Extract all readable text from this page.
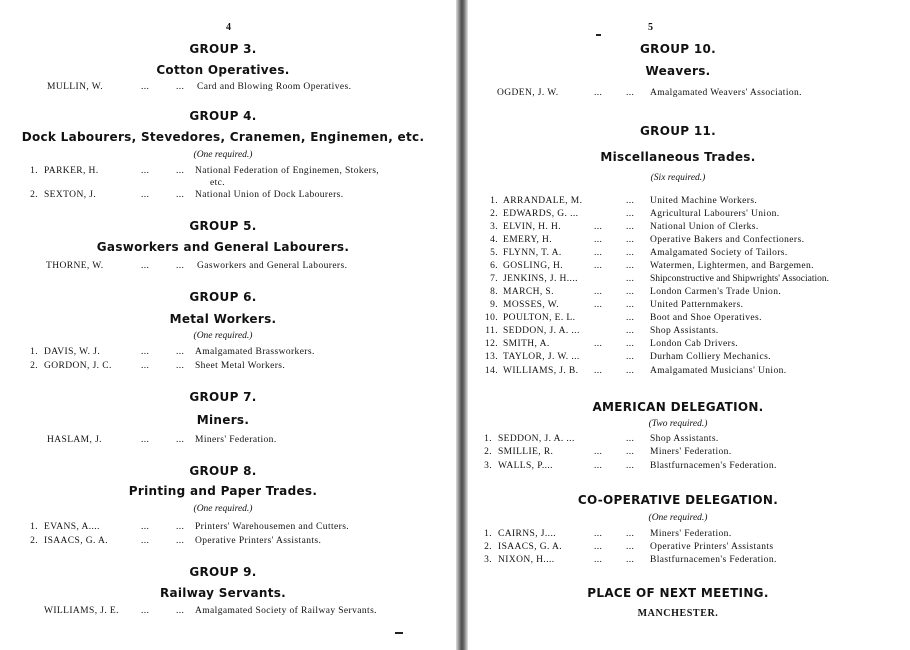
4
GROUP 3.
Cotton Operatives.
MULLIN, W.	...	... Card and Blowing Room Operatives.
GROUP 4.
Dock Labourers, Stevedores, Cranemen, Enginemen, etc.
(One required.)
1. PARKER, H.	...	... National Federation of Enginemen, Stokers,
etc.
2. SEXTON, J.	...	... National Union of Dock Labourers.
GROUP 5.
Gasworkers and General Labourers.
THORNE, W.	...	... Gasworkers and General Labourers.
GROUP 6.
Metal Workers.
(One required.)
1. DAVIS, W. J.	...	... Amalgamated Brassworkers.
2. GORDON, J. C.	...	... Sheet Metal Workers.
GROUP 7.
Miners.
HASLAM, J.	...	... Miners' Federation.
GROUP 8.
Printing and Paper Trades.
(One required.)
1. EVANS, A....	...	... Printers' Warehousemen and Cutters.
2. ISAACS, G. A.	...	... Operative Printers' Assistants.
GROUP 9.
Railway Servants.
WILLIAMS, J. E. ...	... Amalgamated Society of Railway Servants.
5
GROUP 10.
Weavers.
OGDEN, J. W.	... ... Amalgamated Weavers' Association.
GROUP 11.
Miscellaneous Trades.
(Six required.)
1. ARRANDALE, M.	... United Machine Workers.
2. EDWARDS, G. ...	... Agricultural Labourers' Union.
3. ELVIN, H. H.	... ... National Union of Clerks.
4. EMERY, H.	... ... Operative Bakers and Confectioners.
5. FLYNN, T. A.	... ... Amalgamated Society of Tailors.
6. GOSLING, H.	... ... Watermen, Lightermen, and Bargemen.
7. JENKINS, J. H....	... Shipconstructive and Shipwrights' Association.
8. MARCH, S.	... ... London Carmen's Trade Union.
9. MOSSES, W.	... ... United Patternmakers.
10. POULTON, E. L.	... Boot and Shoe Operatives.
11. SEDDON, J. A. ...	... Shop Assistants.
12. SMITH, A.	... ... London Cab Drivers.
13. TAYLOR, J. W. ...	... Durham Colliery Mechanics.
14. WILLIAMS, J. B. ... ... Amalgamated Musicians' Union.
AMERICAN DELEGATION.
(Two required.)
1. SEDDON, J. A. ...	... Shop Assistants.
2. SMILLIE, R.	... ... Miners' Federation.
3. WALLS, P....	... ... Blastfurnacemen's Federation.
CO-OPERATIVE DELEGATION.
(One required.)
1. CAIRNS, J....	... ... Miners' Federation.
2. ISAACS, G. A.	... ... Operative Printers' Assistants
3. NIXON, H....	... ... Blastfurnacemen's Federation.
PLACE OF NEXT MEETING.
MANCHESTER.
